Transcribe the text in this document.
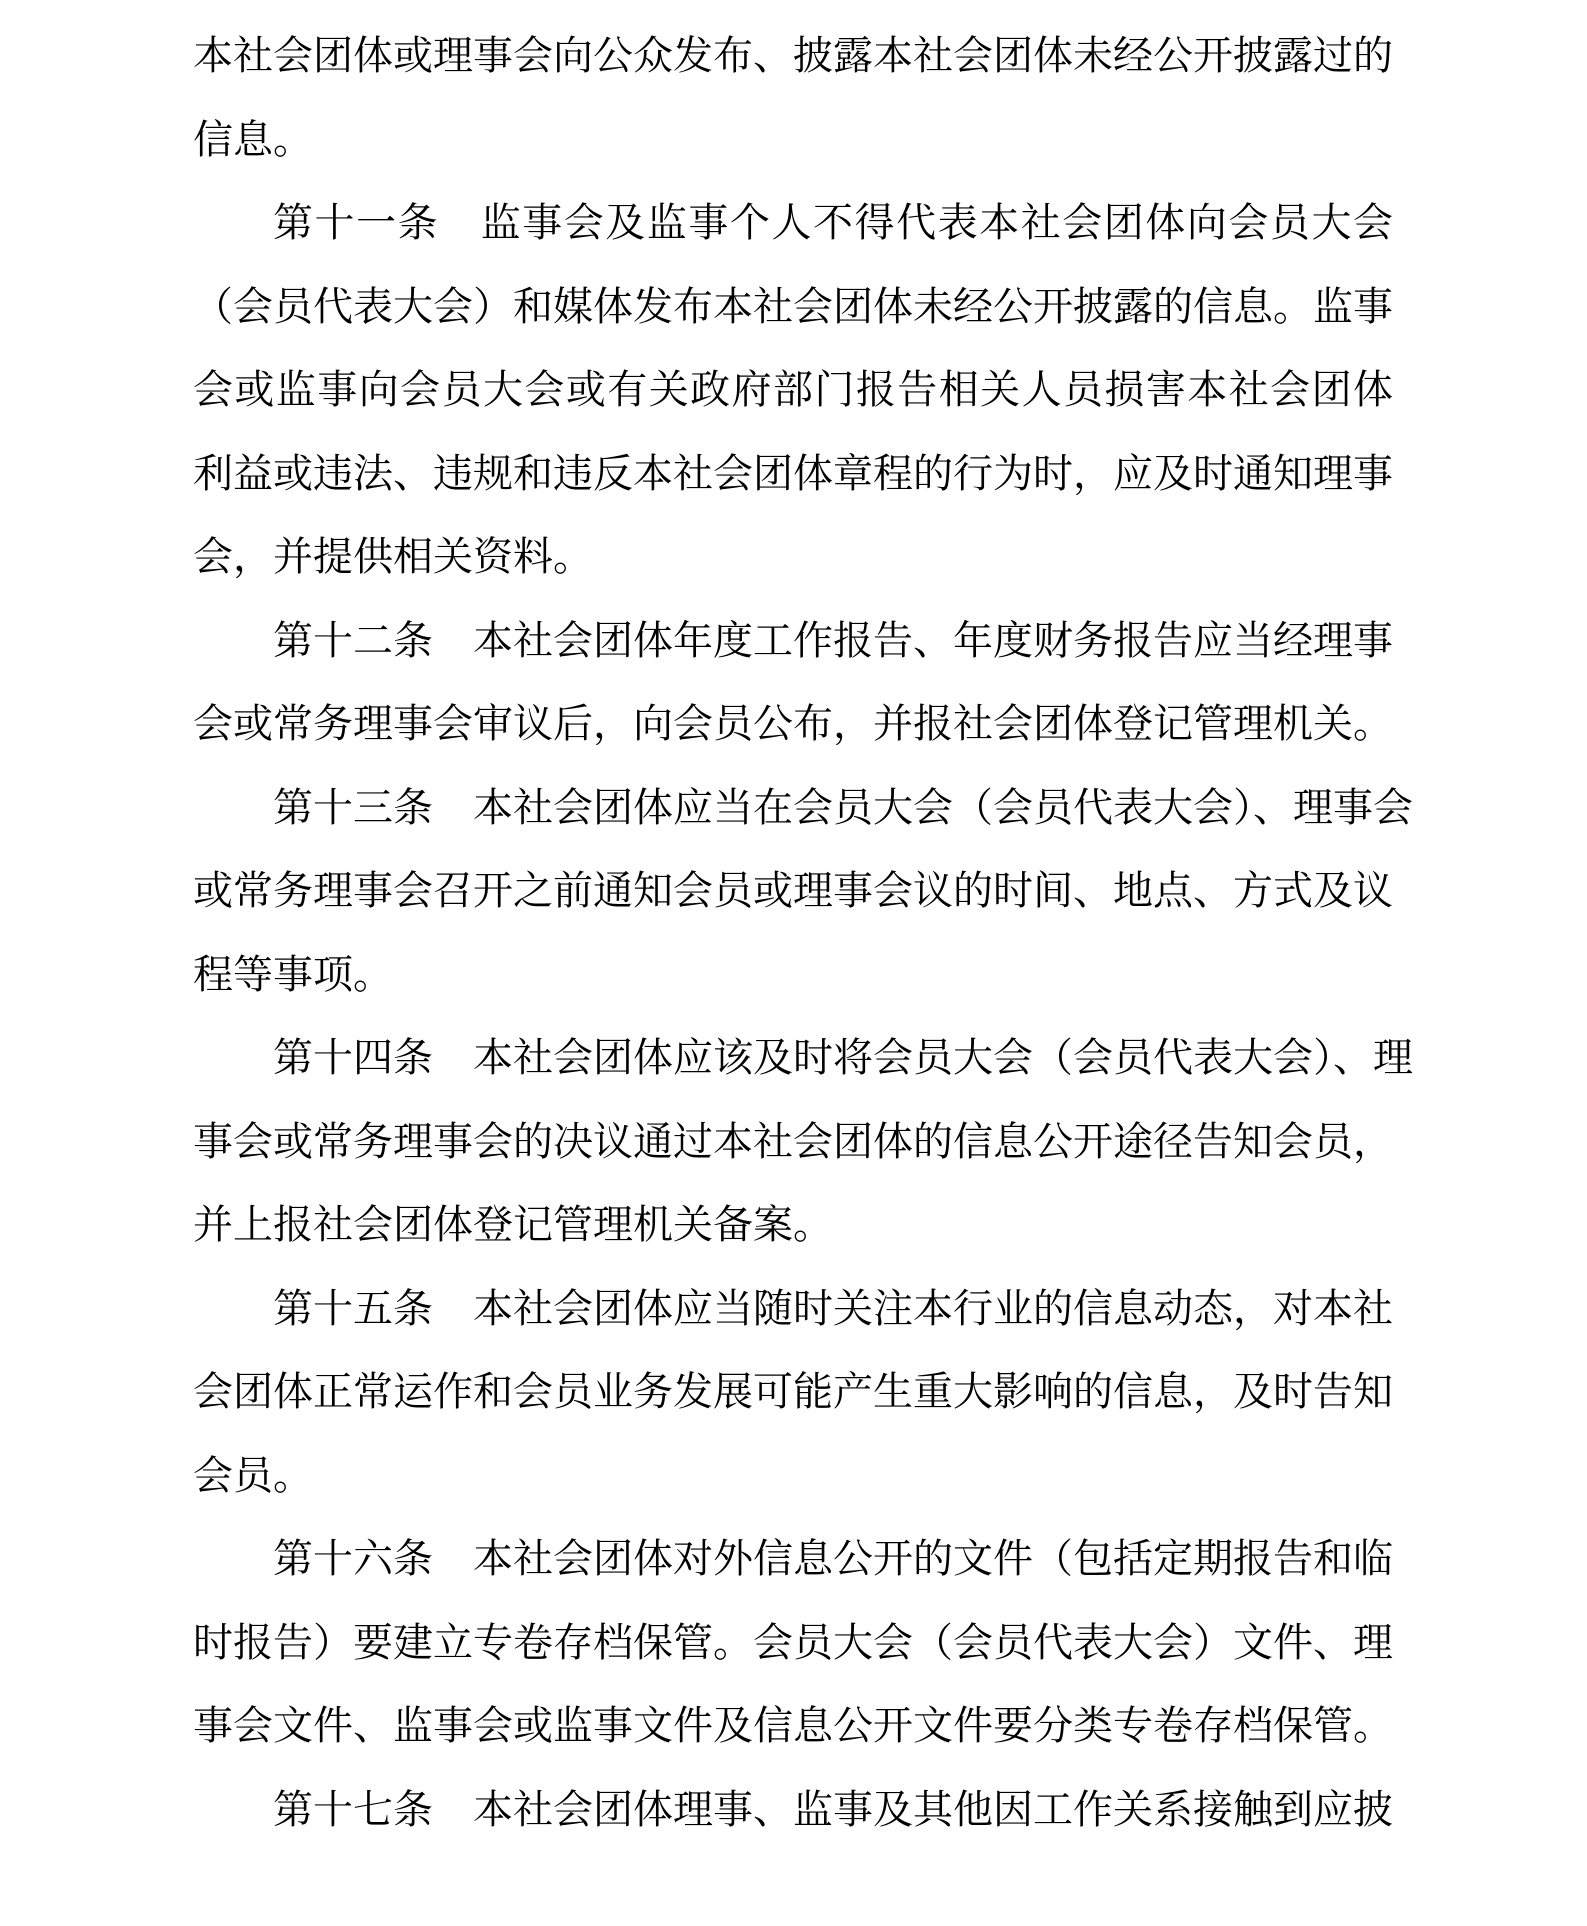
本社会团体或理事会向公众发布、披露本社会团体未经公开披露过的
信息。
第十一条　监事会及监事个人不得代表本社会团体向会员大会
（会员代表大会）和媒体发布本社会团体未经公开披露的信息。监事
会或监事向会员大会或有关政府部门报告相关人员损害本社会团体
利益或违法、违规和违反本社会团体章程的行为时，应及时通知理事
会，并提供相关资料。
第十二条　本社会团体年度工作报告、年度财务报告应当经理事
会或常务理事会审议后，向会员公布，并报社会团体登记管理机关。
第十三条　本社会团体应当在会员大会（会员代表大会）、理事会
或常务理事会召开之前通知会员或理事会议的时间、地点、方式及议
程等事项。
第十四条　本社会团体应该及时将会员大会（会员代表大会）、理
事会或常务理事会的决议通过本社会团体的信息公开途径告知会员，
并上报社会团体登记管理机关备案。
第十五条　本社会团体应当随时关注本行业的信息动态，对本社
会团体正常运作和会员业务发展可能产生重大影响的信息，及时告知
会员。
第十六条　本社会团体对外信息公开的文件（包括定期报告和临
时报告）要建立专卷存档保管。会员大会（会员代表大会）文件、理
事会文件、监事会或监事文件及信息公开文件要分类专卷存档保管。
第十七条　本社会团体理事、监事及其他因工作关系接触到应披
